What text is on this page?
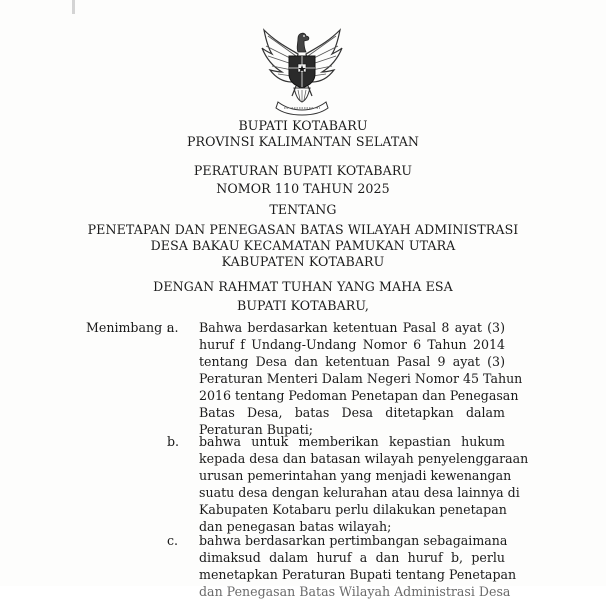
BUPATI KOTABARU
PROVINSI KALIMANTAN SELATAN
PERATURAN BUPATI KOTABARU
NOMOR 110 TAHUN 2025
TENTANG
PENETAPAN DAN PENEGASAN BATAS WILAYAH ADMINISTRASI
DESA BAKAU KECAMATAN PAMUKAN UTARA
KABUPATEN KOTABARU
DENGAN RAHMAT TUHAN YANG MAHA ESA
BUPATI KOTABARU,
Menimbang :
a. Bahwa berdasarkan ketentuan Pasal 8 ayat (3)
huruf f Undang-Undang Nomor 6 Tahun 2014
tentang Desa dan ketentuan Pasal 9 ayat (3)
Peraturan Menteri Dalam Negeri Nomor 45 Tahun
2016 tentang Pedoman Penetapan dan Penegasan
Batas Desa, batas Desa ditetapkan dalam
Peraturan Bupati;
b. bahwa untuk memberikan kepastian hukum
kepada desa dan batasan wilayah penyelenggaraan
urusan pemerintahan yang menjadi kewenangan
suatu desa dengan kelurahan atau desa lainnya di
Kabupaten Kotabaru perlu dilakukan penetapan
dan penegasan batas wilayah;
c. bahwa berdasarkan pertimbangan sebagaimana
dimaksud dalam huruf a dan huruf b, perlu
menetapkan Peraturan Bupati tentang Penetapan
dan Penegasan Batas Wilayah Administrasi Desa
